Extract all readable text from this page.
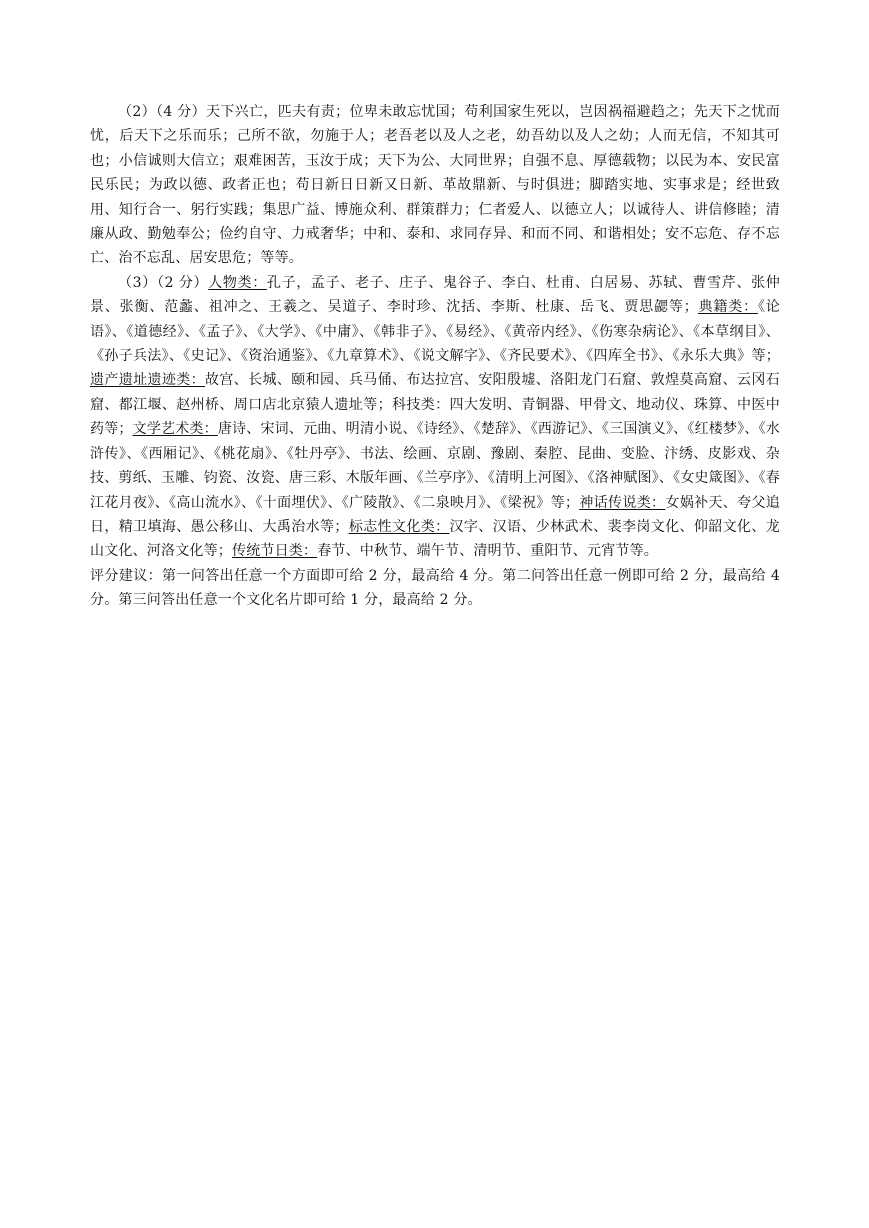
（2）（4 分）天下兴亡，匹夫有责；位卑未敢忘忧国；苟利国家生死以，岂因祸福避趋之；先天下之忧而忧，后天下之乐而乐；己所不欲，勿施于人；老吾老以及人之老，幼吾幼以及人之幼；人而无信，不知其可也；小信诚则大信立；艰难困苦，玉汝于成；天下为公、大同世界；自强不息、厚德载物；以民为本、安民富民乐民；为政以德、政者正也；苟日新日日新又日新、革故鼎新、与时俱进；脚踏实地、实事求是；经世致用、知行合一、躬行实践；集思广益、博施众利、群策群力；仁者爱人、以德立人；以诚待人、讲信修睦；清廉从政、勤勉奉公；俭约自守、力戒奢华；中和、泰和、求同存异、和而不同、和谐相处；安不忘危、存不忘亡、治不忘乱、居安思危；等等。

（3）（2 分）人物类：孔子，孟子、老子、庄子、鬼谷子、李白、杜甫、白居易、苏轼、曹雪芹、张仲景、张衡、范蠡、祖冲之、王羲之、吴道子、李时珍、沈括、李斯、杜康、岳飞、贾思勰等；典籍类：《论语》、《道德经》、《孟子》、《大学》、《中庸》、《韩非子》、《易经》、《黄帝内经》、《伤寒杂病论》、《本草纲目》、《孙子兵法》、《史记》、《资治通鉴》、《九章算术》、《说文解字》、《齐民要术》、《四库全书》、《永乐大典》等；遗产遗址遗迹类：故宫、长城、颐和园、兵马俑、布达拉宫、安阳殷墟、洛阳龙门石窟、敦煌莫高窟、云冈石窟、都江堰、赵州桥、周口店北京猿人遗址等；科技类：四大发明、青铜器、甲骨文、地动仪、珠算、中医中药等；文学艺术类：唐诗、宋词、元曲、明清小说、《诗经》、《楚辞》、《西游记》、《三国演义》、《红楼梦》、《水浒传》、《西厢记》、《桃花扇》、《牡丹亭》、书法、绘画、京剧、豫剧、秦腔、昆曲、变脸、汴绣、皮影戏、杂技、剪纸、玉雕、钧瓷、汝瓷、唐三彩、木版年画、《兰亭序》、《清明上河图》、《洛神赋图》、《女史箴图》、《春江花月夜》、《高山流水》、《十面埋伏》、《广陵散》、《二泉映月》、《梁祝》等；神话传说类：女娲补天、夸父追日，精卫填海、愚公移山、大禹治水等；标志性文化类：汉字、汉语、少林武术、裴李岗文化、仰韶文化、龙山文化、河洛文化等；传统节日类：春节、中秋节、端午节、清明节、重阳节、元宵节等。

评分建议：第一问答出任意一个方面即可给 2 分，最高给 4 分。第二问答出任意一例即可给 2 分，最高给 4 分。第三问答出任意一个文化名片即可给 1 分，最高给 2 分。
